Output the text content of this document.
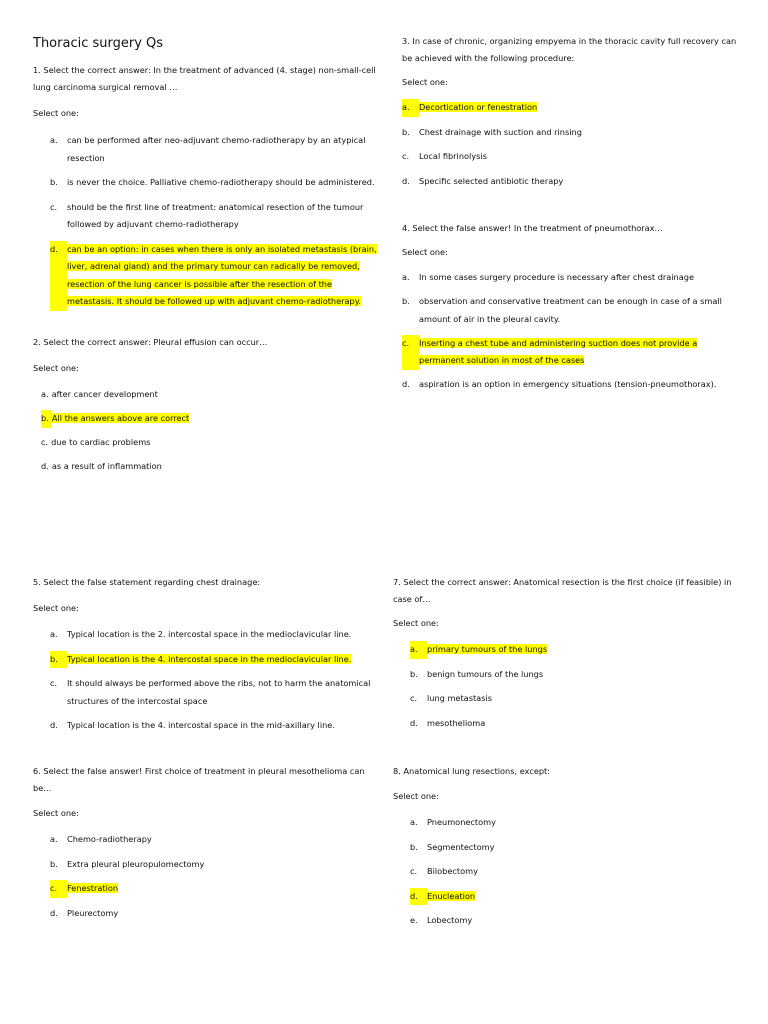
Thoracic surgery Qs

1. Select the correct answer: In the treatment of advanced (4. stage) non-small-cell lung carcinoma surgical removal …

Select one:

a.	can be performed after neo-adjuvant chemo-radiotherapy by an atypical resection
b.	is never the choice. Palliative chemo-radiotherapy should be administered.
c.	should be the first line of treatment: anatomical resection of the tumour followed by adjuvant chemo-radiotherapy
d.	can be an option: in cases when there is only an isolated metastasis (brain, liver, adrenal gland) and the primary tumour can radically be removed, resection of the lung cancer is possible after the resection of the metastasis. It should be followed up with adjuvant chemo-radiotherapy.

2. Select the correct answer: Pleural effusion can occur…

Select one:

a. after cancer development
b. All the answers above are correct
c. due to cardiac problems
d. as a result of inflammation

3. In case of chronic, organizing empyema in the thoracic cavity full recovery can be achieved with the following procedure:

Select one:

a.	Decortication or fenestration
b.	Chest drainage with suction and rinsing
c.	Local fibrinolysis
d.	Specific selected antibiotic therapy

4. Select the false answer! In the treatment of pneumothorax…

Select one:

a.	In some cases surgery procedure is necessary after chest drainage
b.	observation and conservative treatment can be enough in case of a small amount of air in the pleural cavity.
c.	Inserting a chest tube and administering suction does not provide a permanent solution in most of the cases
d.	aspiration is an option in emergency situations (tension-pneumothorax).

5. Select the false statement regarding chest drainage:

Select one:

a.	Typical location is the 2. intercostal space in the medioclavicular line.
b.	Typical location is the 4. intercostal space in the medioclavicular line.
c.	It should always be performed above the ribs, not to harm the anatomical structures of the intercostal space
d.	Typical location is the 4. intercostal space in the mid-axillary line.

6. Select the false answer! First choice of treatment in pleural mesothelioma can be…

Select one:

a.	Chemo-radiotherapy
b.	Extra pleural pleuropulomectomy
c.	Fenestration
d.	Pleurectomy

7. Select the correct answer: Anatomical resection is the first choice (if feasible) in case of…

Select one:

a.	primary tumours of the lungs
b.	benign tumours of the lungs
c.	lung metastasis
d.	mesothelioma

8. Anatomical lung resections, except:

Select one:

a.	Pneumonectomy
b.	Segmentectomy
c.	Bilobectomy
d.	Enucleation
e.	Lobectomy
